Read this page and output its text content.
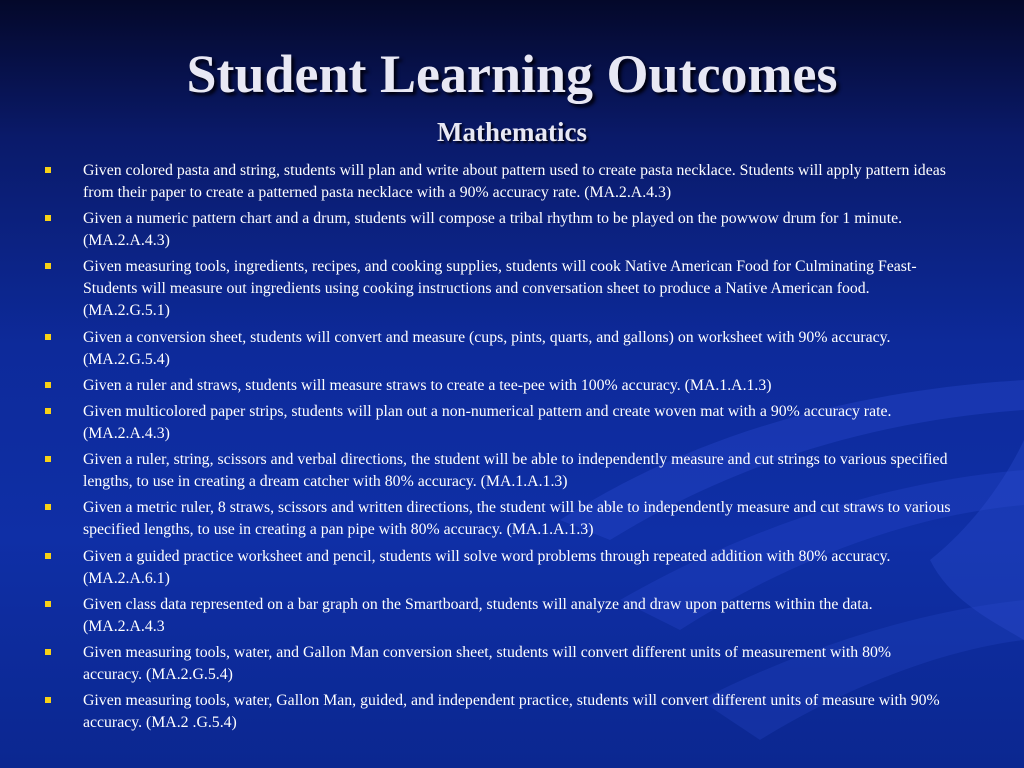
Student Learning Outcomes
Mathematics
Given colored pasta and string, students will plan and write about pattern used to create pasta necklace. Students will apply pattern ideas from their paper to create a patterned pasta necklace with a 90% accuracy rate. (MA.2.A.4.3)
Given a numeric pattern chart and a drum, students will compose a tribal rhythm to be played on the powwow drum for 1 minute. (MA.2.A.4.3)
Given measuring tools, ingredients, recipes, and cooking supplies, students will cook Native American Food for Culminating Feast- Students will measure out ingredients using cooking instructions and conversation sheet to produce a Native American food. (MA.2.G.5.1)
Given a conversion sheet, students will convert and measure (cups, pints, quarts, and gallons) on worksheet with 90% accuracy. (MA.2.G.5.4)
Given a ruler and straws, students will measure straws to create a tee-pee with 100% accuracy. (MA.1.A.1.3)
Given multicolored paper strips, students will plan out a non-numerical pattern and create woven mat with a 90% accuracy rate. (MA.2.A.4.3)
Given a ruler, string, scissors and verbal directions, the student will be able to independently measure and cut strings to various specified lengths, to use in creating a dream catcher with 80% accuracy. (MA.1.A.1.3)
Given a metric ruler, 8 straws, scissors and written directions, the student will be able to independently measure and cut straws to various specified lengths, to use in creating a pan pipe with 80% accuracy. (MA.1.A.1.3)
Given a guided practice worksheet and pencil, students will solve word problems through repeated addition with 80% accuracy. (MA.2.A.6.1)
Given class data represented on a bar graph on the Smartboard, students will analyze and draw upon patterns within the data. (MA.2.A.4.3
Given measuring tools, water, and Gallon Man conversion sheet, students will convert different units of measurement with 80% accuracy. (MA.2.G.5.4)
Given measuring tools, water, Gallon Man, guided, and independent practice, students will convert different units of measure with 90% accuracy. (MA.2 .G.5.4)
